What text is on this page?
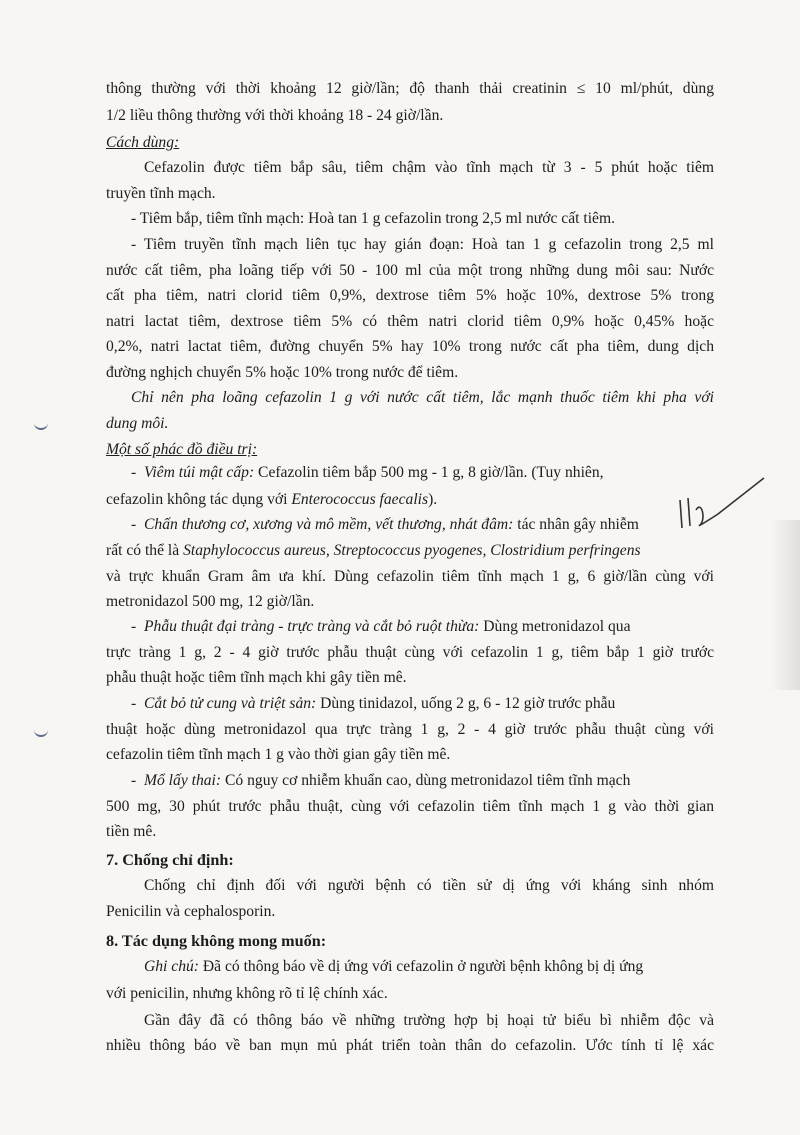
thông thường với thời khoảng 12 giờ/lần; độ thanh thải creatinin ≤ 10 ml/phút, dùng
1/2 liều thông thường với thời khoảng 18 - 24 giờ/lần.
Cách dùng:
Cefazolin được tiêm bắp sâu, tiêm chậm vào tĩnh mạch từ 3 - 5 phút hoặc tiêm
truyền tĩnh mạch.
- Tiêm bắp, tiêm tĩnh mạch: Hoà tan 1 g cefazolin trong 2,5 ml nước cất tiêm.
- Tiêm truyền tĩnh mạch liên tục hay gián đoạn: Hoà tan 1 g cefazolin trong 2,5 ml
nước cất tiêm, pha loãng tiếp với 50 - 100 ml của một trong những dung môi sau: Nước
cất pha tiêm, natri clorid tiêm 0,9%, dextrose tiêm 5% hoặc 10%, dextrose 5% trong
natri lactat tiêm, dextrose tiêm 5% có thêm natri clorid tiêm 0,9% hoặc 0,45% hoặc
0,2%, natri lactat tiêm, đường chuyển 5% hay 10% trong nước cất pha tiêm, dung dịch
đường nghịch chuyển 5% hoặc 10% trong nước để tiêm.
Chỉ nên pha loãng cefazolin 1 g với nước cất tiêm, lắc mạnh thuốc tiêm khi pha với
dung môi.
Một số phác đồ điều trị:
-  Viêm túi mật cấp: Cefazolin tiêm bắp 500 mg - 1 g, 8 giờ/lần. (Tuy nhiên,
cefazolin không tác dụng với Enterococcus faecalis).
-  Chấn thương cơ, xương và mô mềm, vết thương, nhát đâm: tác nhân gây nhiễm
rất có thể là Staphylococcus aureus, Streptococcus pyogenes, Clostridium perfringens
và trực khuẩn Gram âm ưa khí. Dùng cefazolin tiêm tĩnh mạch 1 g, 6 giờ/lần cùng với
metronidazol 500 mg, 12 giờ/lần.
-  Phẫu thuật đại tràng - trực tràng và cắt bỏ ruột thừa: Dùng metronidazol qua
trực tràng 1 g, 2 - 4 giờ trước phẫu thuật cùng với cefazolin 1 g, tiêm bắp 1 giờ trước
phẫu thuật hoặc tiêm tĩnh mạch khi gây tiền mê.
-  Cắt bỏ tử cung và triệt sản: Dùng tinidazol, uống 2 g, 6 - 12 giờ trước phẫu
thuật hoặc dùng metronidazol qua trực tràng 1 g, 2 - 4 giờ trước phẫu thuật cùng với
cefazolin tiêm tĩnh mạch 1 g vào thời gian gây tiền mê.
-  Mổ lấy thai: Có nguy cơ nhiễm khuẩn cao, dùng metronidazol tiêm tĩnh mạch
500 mg, 30 phút trước phẫu thuật, cùng với cefazolin tiêm tĩnh mạch 1 g vào thời gian
tiền mê.
7. Chống chỉ định:
Chống chỉ định đối với người bệnh có tiền sử dị ứng với kháng sinh nhóm
Penicilin và cephalosporin.
8. Tác dụng không mong muốn:
Ghi chú: Đã có thông báo về dị ứng với cefazolin ở người bệnh không bị dị ứng
với penicilin, nhưng không rõ tỉ lệ chính xác.
Gần đây đã có thông báo về những trường hợp bị hoại tử biểu bì nhiễm độc và
nhiều thông báo về ban mụn mủ phát triển toàn thân do cefazolin. Ước tính tỉ lệ xác
